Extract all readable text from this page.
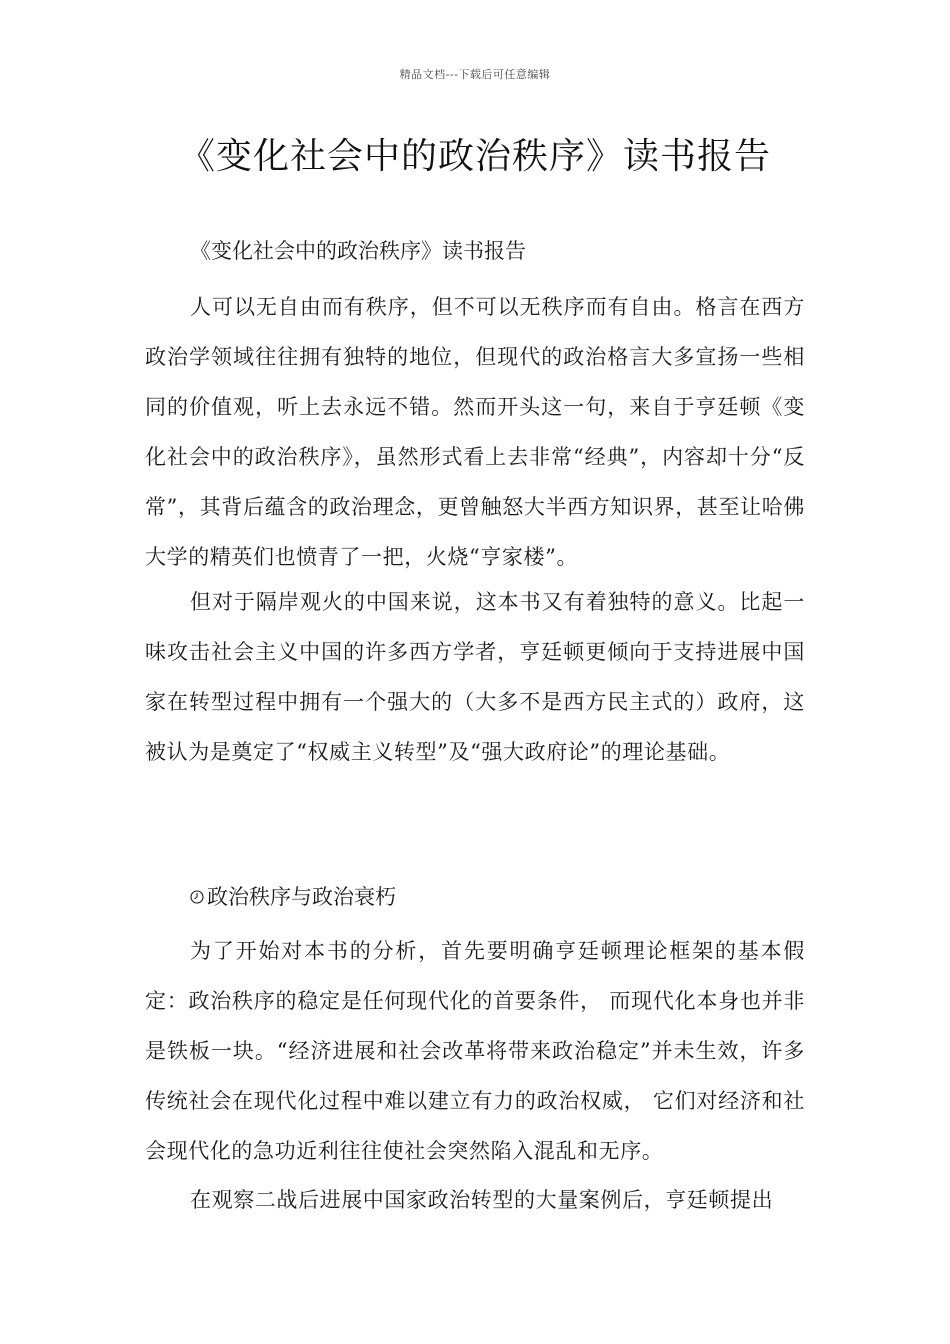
精品文档---下载后可任意编辑
《变化社会中的政治秩序》读书报告
《变化社会中的政治秩序》读书报告

人可以无自由而有秩序，但不可以无秩序而有自由。格言在西方政治学领域往往拥有独特的地位，但现代的政治格言大多宣扬一些相同的价值观，听上去永远不错。然而开头这一句，来自于亨廷顿《变化社会中的政治秩序》，虽然形式看上去非常“经典”，内容却十分“反常”，其背后蕴含的政治理念，更曾触怒大半西方知识界，甚至让哈佛大学的精英们也愤青了一把，火烧“亨家楼”。

但对于隔岸观火的中国来说，这本书又有着独特的意义。比起一味攻击社会主义中国的许多西方学者，亨廷顿更倾向于支持进展中国家在转型过程中拥有一个强大的（大多不是西方民主式的）政府，这被认为是奠定了“权威主义转型”及“强大政府论”的理论基础。

政治秩序与政治衰朽

为了开始对本书的分析，首先要明确亨廷顿理论框架的基本假定：政治秩序的稳定是任何现代化的首要条件， 而现代化本身也并非是铁板一块。“经济进展和社会改革将带来政治稳定”并未生效，许多传统社会在现代化过程中难以建立有力的政治权威， 它们对经济和社会现代化的急功近利往往使社会突然陷入混乱和无序。

在观察二战后进展中国家政治转型的大量案例后，亨廷顿提出
